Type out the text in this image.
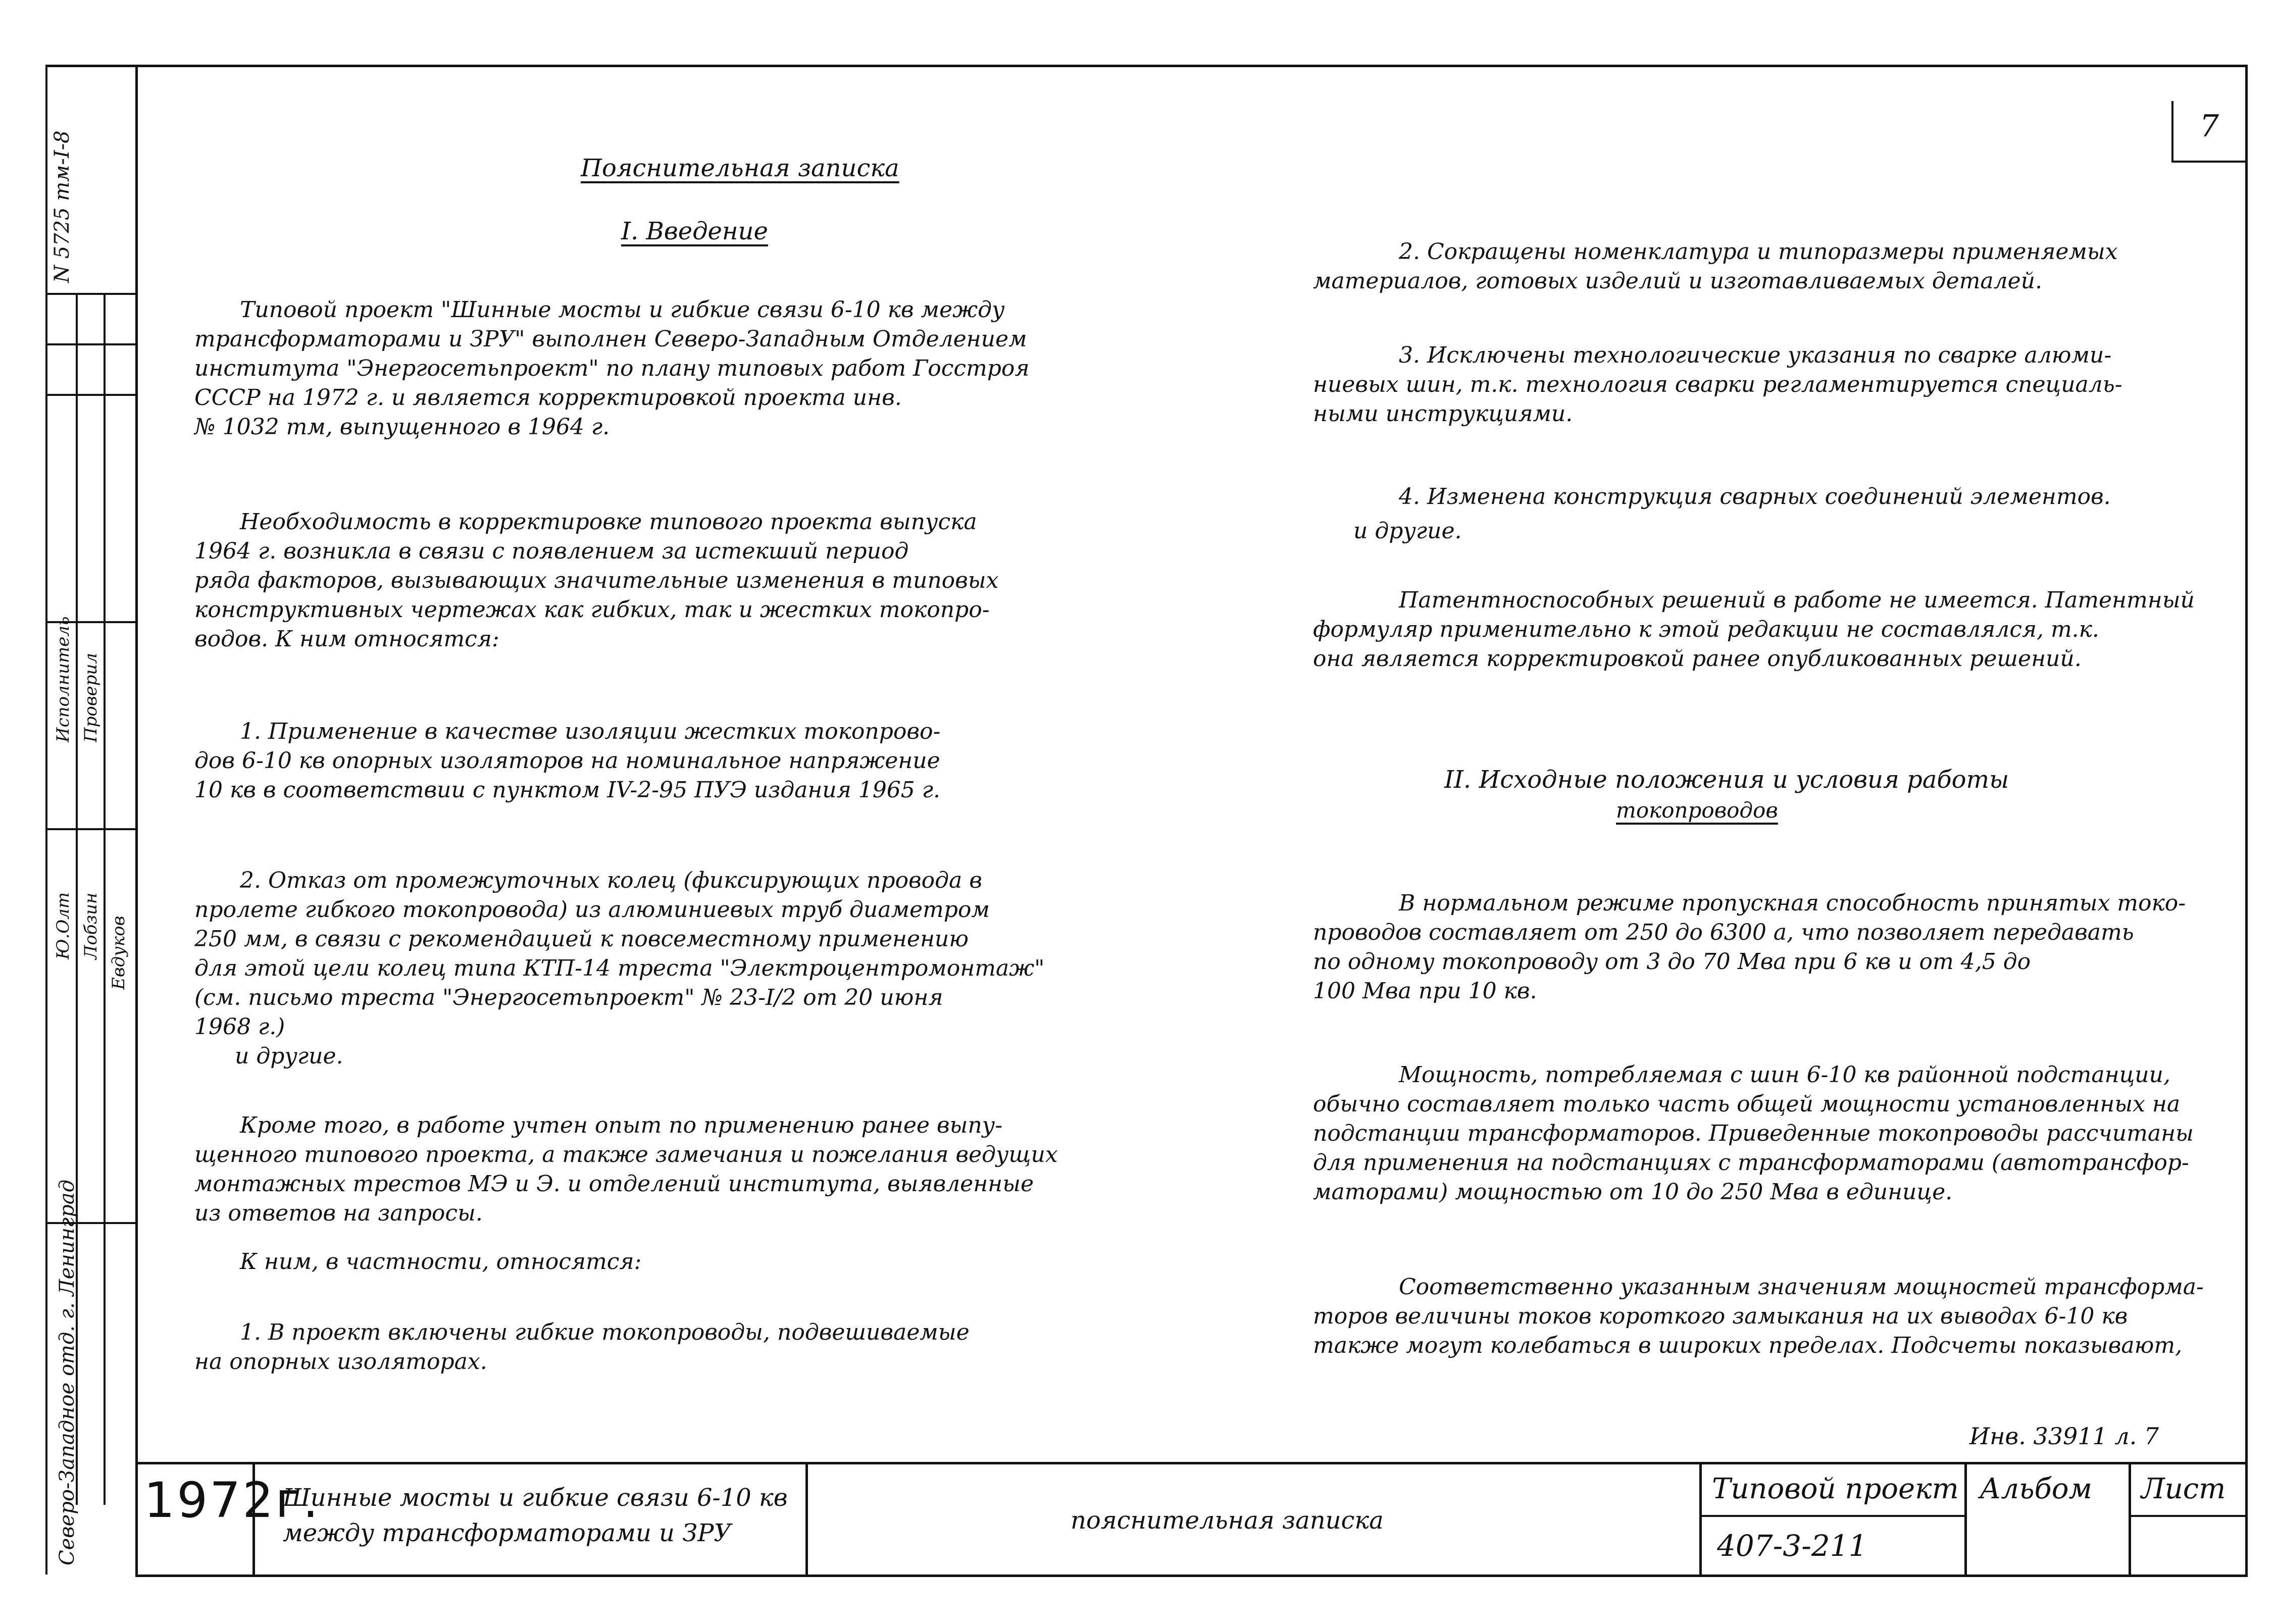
7
N 5725 тм-I-8
Исполнитель Проверил
Ю.Олт Лобзин Евдуков
Северо-Западное отд. г. Ленинград
Пояснительная записка
I. Введение
Типовой проект "Шинные мосты и гибкие связи 6-10 кв между
трансформаторами и ЗРУ" выполнен Северо-Западным Отделением
института "Энергосетьпроект" по плану типовых работ Госстроя
СССР на 1972 г. и является корректировкой проекта инв.
№ 1032 тм, выпущенного в 1964 г.
Необходимость в корректировке типового проекта выпуска
1964 г. возникла в связи с появлением за истекший период
ряда факторов, вызывающих значительные изменения в типовых
конструктивных чертежах как гибких, так и жестких токопро-
водов. К ним относятся:
1. Применение в качестве изоляции жестких токопрово-
дов 6-10 кв опорных изоляторов на номинальное напряжение
10 кв в соответствии с пунктом IV-2-95 ПУЭ издания 1965 г.
2. Отказ от промежуточных колец (фиксирующих провода в
пролете гибкого токопровода) из алюминиевых труб диаметром
250 мм, в связи с рекомендацией к повсеместному применению
для этой цели колец типа КТП-14 треста "Электроцентромонтаж"
(см. письмо треста "Энергосетьпроект" № 23-I/2 от 20 июня
1968 г.)
и другие.
Кроме того, в работе учтен опыт по применению ранее выпу-
щенного типового проекта, а также замечания и пожелания ведущих
монтажных трестов МЭ и Э. и отделений института, выявленные
из ответов на запросы.
К ним, в частности, относятся:
1. В проект включены гибкие токопроводы, подвешиваемые
на опорных изоляторах.
2. Сокращены номенклатура и типоразмеры применяемых
материалов, готовых изделий и изготавливаемых деталей.
3. Исключены технологические указания по сварке алюми-
ниевых шин, т.к. технология сварки регламентируется специаль-
ными инструкциями.
4. Изменена конструкция сварных соединений элементов.
и другие.
Патентноспособных решений в работе не имеется. Патентный
формуляр применительно к этой редакции не составлялся, т.к.
она является корректировкой ранее опубликованных решений.
II. Исходные положения и условия работы
токопроводов
В нормальном режиме пропускная способность принятых токо-
проводов составляет от 250 до 6300 а, что позволяет передавать
по одному токопроводу от 3 до 70 Мва при 6 кв и от 4,5 до
100 Мва при 10 кв.
Мощность, потребляемая с шин 6-10 кв районной подстанции,
обычно составляет только часть общей мощности установленных на
подстанции трансформаторов. Приведенные токопроводы рассчитаны
для применения на подстанциях с трансформаторами (автотрансфор-
маторами) мощностью от 10 до 250 Мва в единице.
Соответственно указанным значениям мощностей трансформа-
торов величины токов короткого замыкания на их выводах 6-10 кв
также могут колебаться в широких пределах. Подсчеты показывают,
Инв. 33911 л. 7
1972г.
Шинные мосты и гибкие связи 6-10 кв
между трансформаторами и ЗРУ	пояснительная записка
Типовой проект
407-3-211
Альбом Лист
